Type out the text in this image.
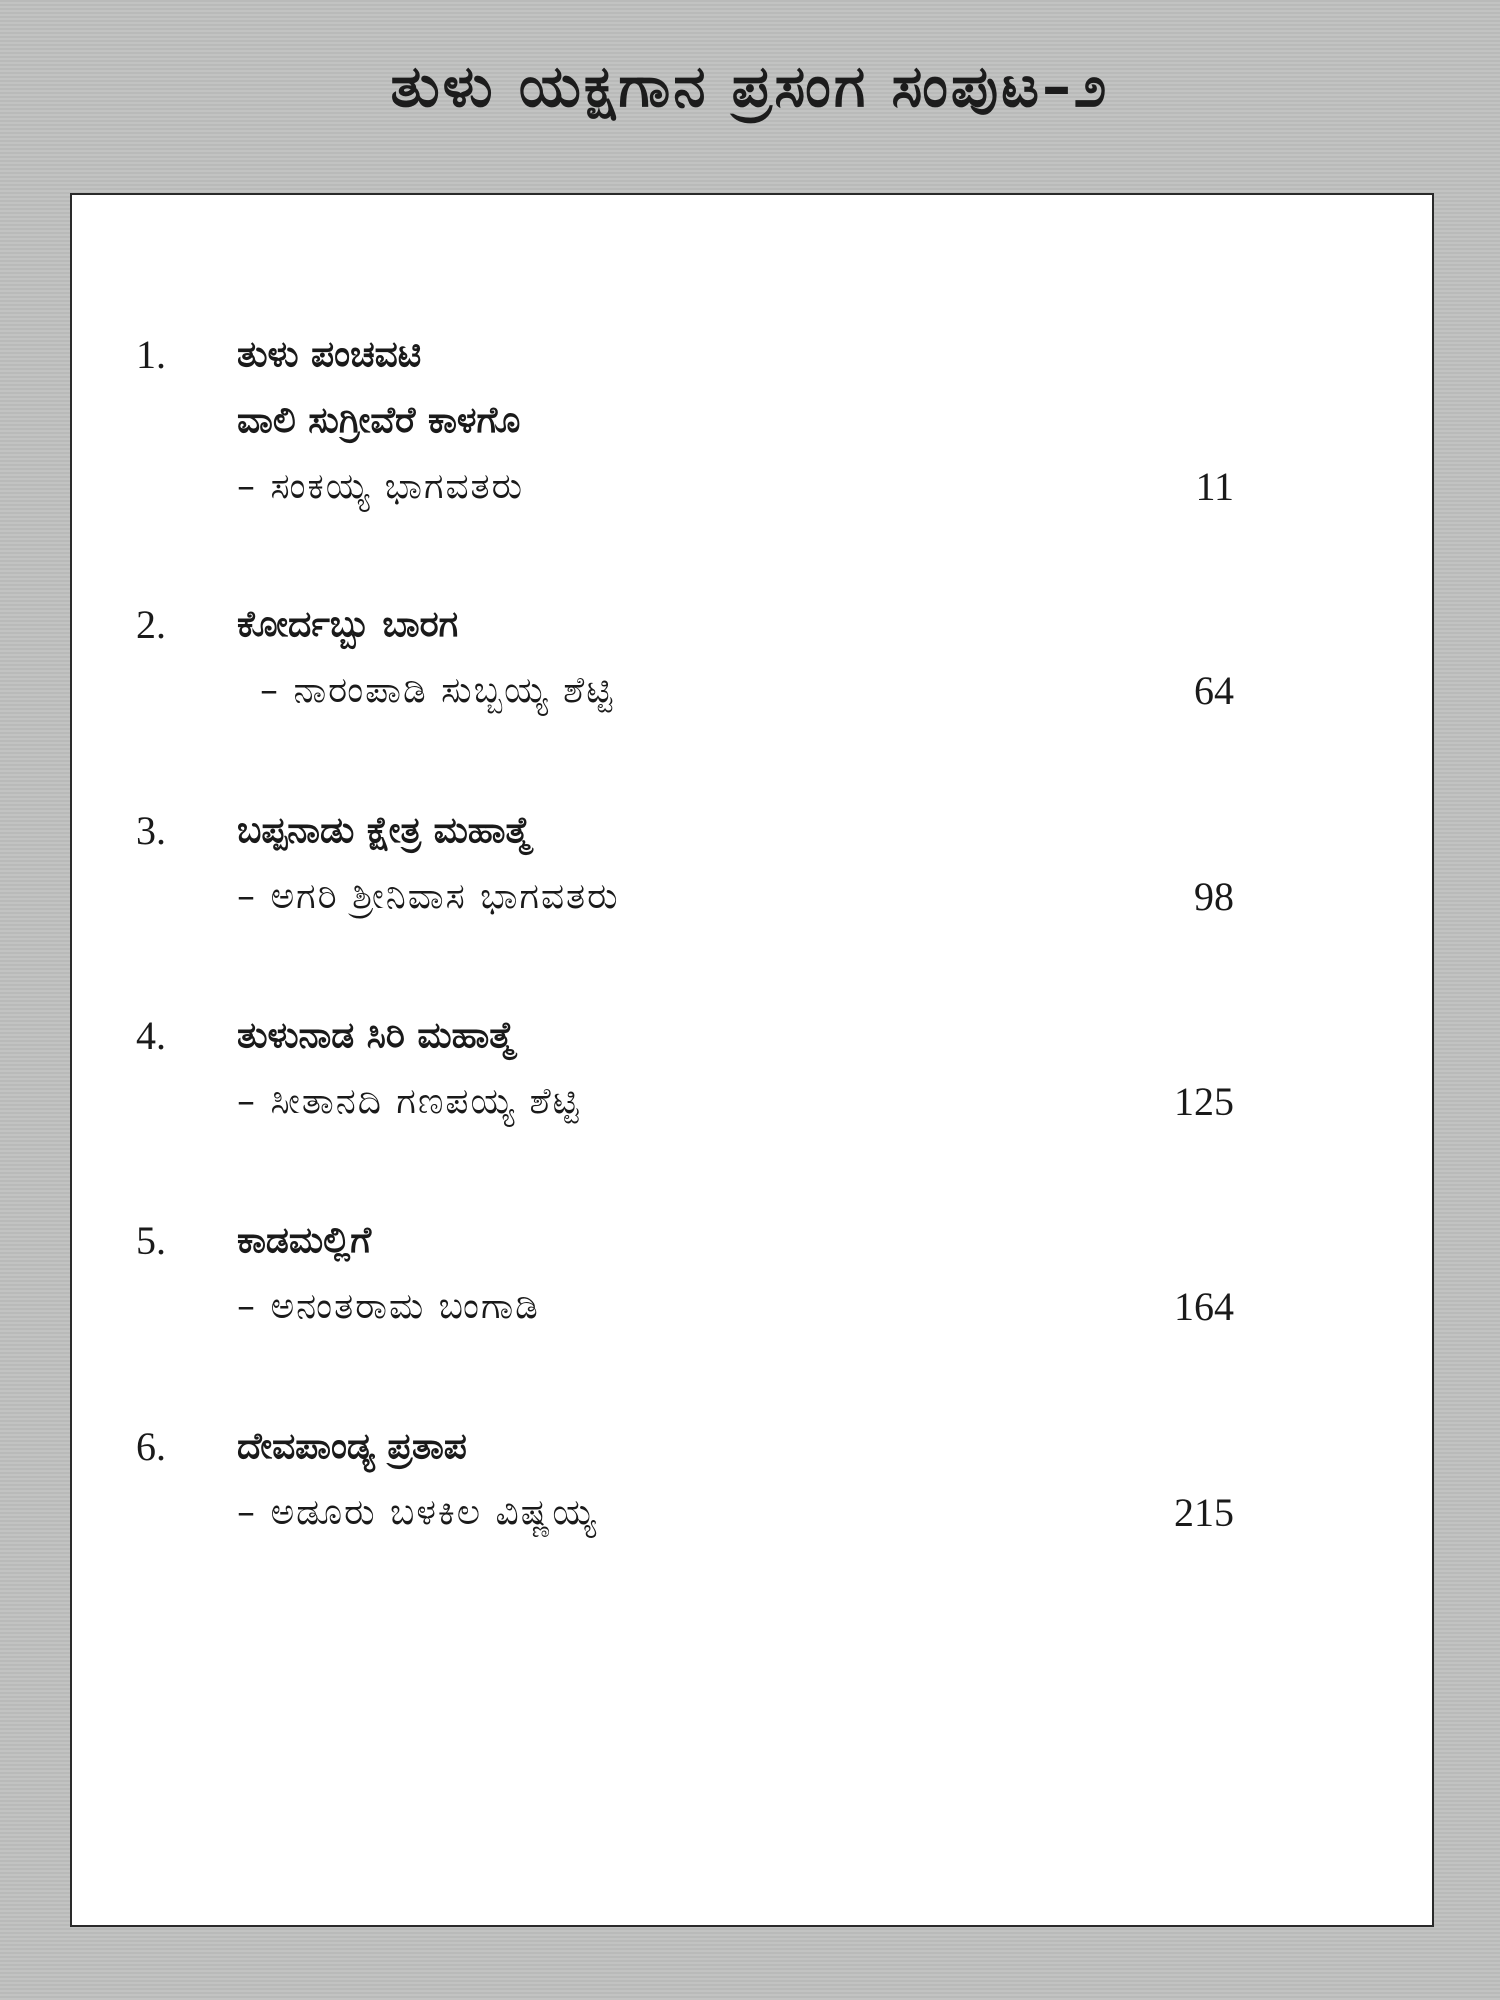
ತುಳು ಯಕ್ಷಗಾನ ಪ್ರಸಂಗ ಸಂಪುಟ–೨
1. ತುಳು ಪಂಚವಟಿ
ವಾಲಿ ಸುಗ್ರೀವೆರೆ ಕಾಳಗೊ
– ಸಂಕಯ್ಯ ಭಾಗವತರು	11
2. ಕೋರ್ದಬ್ಬು ಬಾರಗ
– ನಾರಂಪಾಡಿ ಸುಬ್ಬಯ್ಯ ಶೆಟ್ಟಿ	64
3. ಬಪ್ಪನಾಡು ಕ್ಷೇತ್ರ ಮಹಾತ್ಮೆ
– ಅಗರಿ ಶ್ರೀನಿವಾಸ ಭಾಗವತರು	98
4. ತುಳುನಾಡ ಸಿರಿ ಮಹಾತ್ಮೆ
– ಸೀತಾನದಿ ಗಣಪಯ್ಯ ಶೆಟ್ಟಿ	125
5. ಕಾಡಮಲ್ಲಿಗೆ
– ಅನಂತರಾಮ ಬಂಗಾಡಿ	164
6. ದೇವಪಾಂಡ್ಯ ಪ್ರತಾಪ
– ಅಡೂರು ಬಳಕಿಲ ವಿಷ್ಣಯ್ಯ	215
